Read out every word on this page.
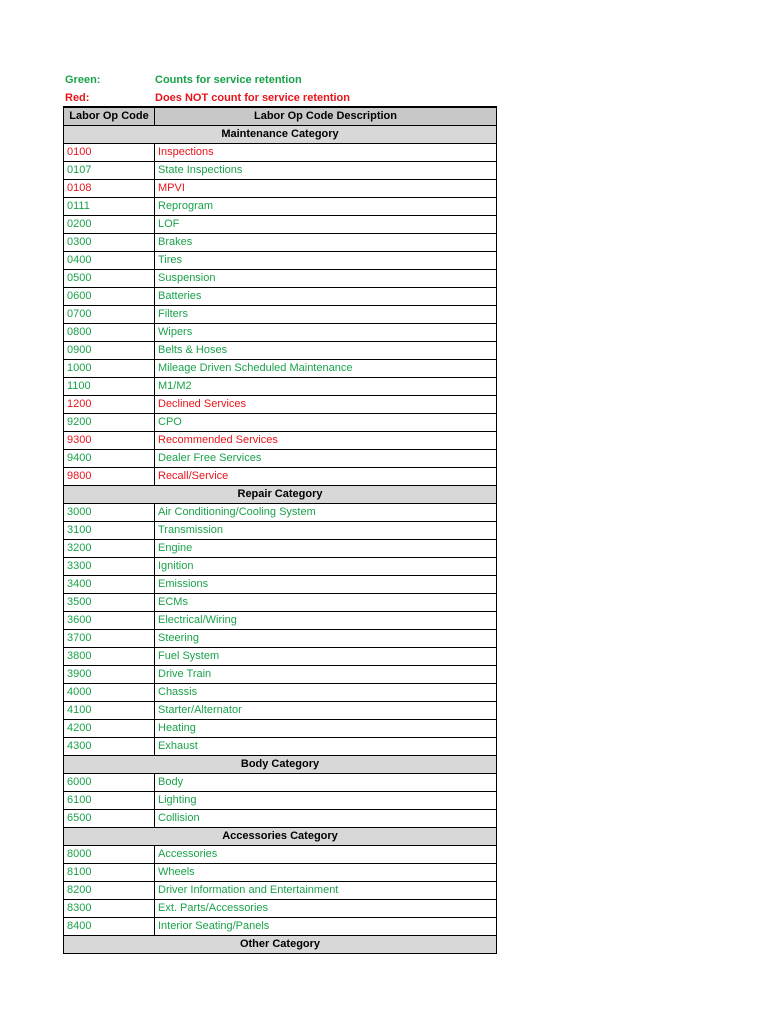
Green:	Counts for service retention
Red:	Does NOT count for service retention
Labor Op Code	Labor Op Code Description
Maintenance Category	
0100	Inspections
0107	State Inspections
0108	MPVI
0111	Reprogram
0200	LOF
0300	Brakes
0400	Tires
0500	Suspension
0600	Batteries
0700	Filters
0800	Wipers
0900	Belts & Hoses
1000	Mileage Driven Scheduled Maintenance
1100	M1/M2
1200	Declined Services
9200	CPO
9300	Recommended Services
9400	Dealer Free Services
9800	Recall/Service
Repair Category	
3000	Air Conditioning/Cooling System
3100	Transmission
3200	Engine
3300	Ignition
3400	Emissions
3500	ECMs
3600	Electrical/Wiring
3700	Steering
3800	Fuel System
3900	Drive Train
4000	Chassis
4100	Starter/Alternator
4200	Heating
4300	Exhaust
Body Category	
6000	Body
6100	Lighting
6500	Collision
Accessories Category	
8000	Accessories
8100	Wheels
8200	Driver Information and Entertainment
8300	Ext. Parts/Accessories
8400	Interior Seating/Panels
Other Category	
